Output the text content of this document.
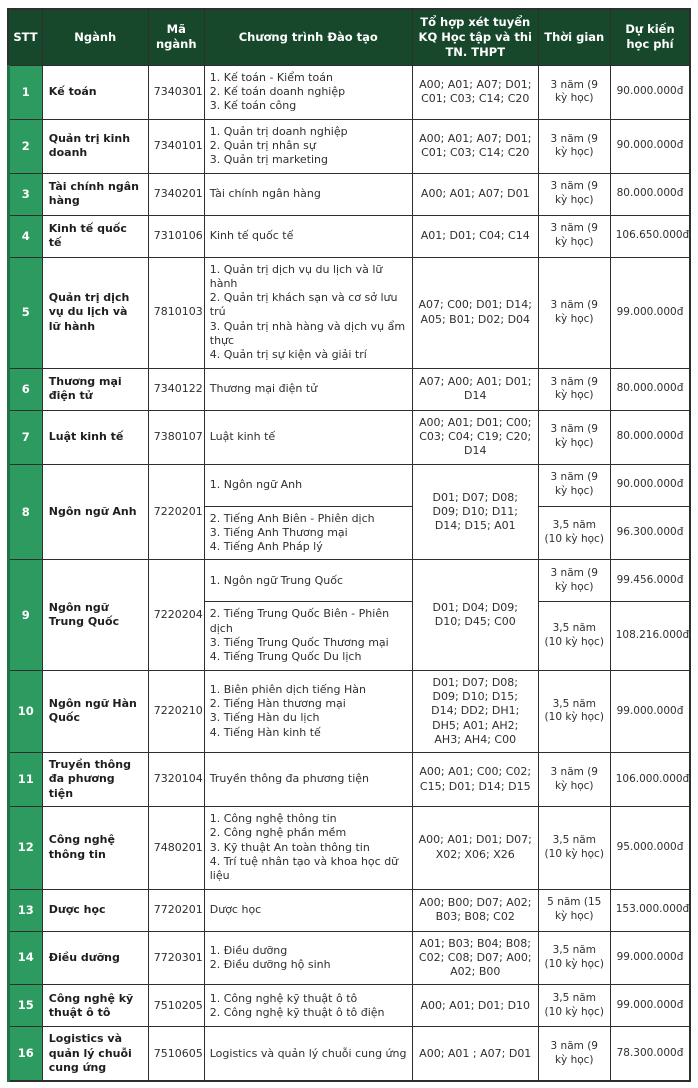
STT	Ngành	Mã ngành	Chương trình Đào tạo	Tổ hợp xét tuyển KQ Học tập và thi TN. THPT	Thời gian	Dự kiến học phí
1	Kế toán	7340301	1. Kế toán - Kiểm toán
2. Kế toán doanh nghiệp
3. Kế toán công	A00; A01; A07; D01; C01; C03; C14; C20	3 năm (9 kỳ học)	90.000.000đ
2	Quản trị kinh doanh	7340101	1. Quản trị doanh nghiệp
2. Quản trị nhân sự
3. Quản trị marketing	A00; A01; A07; D01; C01; C03; C14; C20	3 năm (9 kỳ học)	90.000.000đ
3	Tài chính ngân hàng	7340201	Tài chính ngân hàng	A00; A01; A07; D01	3 năm (9 kỳ học)	80.000.000đ
4	Kinh tế quốc tế	7310106	Kinh tế quốc tế	A01; D01; C04; C14	3 năm (9 kỳ học)	106.650.000đ
5	Quản trị dịch vụ du lịch và lữ hành	7810103	1. Quản trị dịch vụ du lịch và lữ hành
2. Quản trị khách sạn và cơ sở lưu trú
3. Quản trị nhà hàng và dịch vụ ẩm thực
4. Quản trị sự kiện và giải trí	A07; C00; D01; D14; A05; B01; D02; D04	3 năm (9 kỳ học)	99.000.000đ
6	Thương mại điện tử	7340122	Thương mại điện tử	A07; A00; A01; D01; D14	3 năm (9 kỳ học)	80.000.000đ
7	Luật kinh tế	7380107	Luật kinh tế	A00; A01; D01; C00; C03; C04; C19; C20; D14	3 năm (9 kỳ học)	80.000.000đ
8	Ngôn ngữ Anh	7220201	1. Ngôn ngữ Anh	D01; D07; D08; D09; D10; D11; D14; D15; A01	3 năm (9 kỳ học)	90.000.000đ

			2. Tiếng Anh Biên - Phiên dịch
3. Tiếng Anh Thương mại
4. Tiếng Anh Pháp lý		3,5 năm (10 kỳ học)	96.300.000đ
9	Ngôn ngữ Trung Quốc	7220204	1. Ngôn ngữ Trung Quốc	D01; D04; D09; D10; D45; C00	3 năm (9 kỳ học)	99.456.000đ

			2. Tiếng Trung Quốc Biên - Phiên dịch
3. Tiếng Trung Quốc Thương mại
4. Tiếng Trung Quốc Du lịch		3,5 năm (10 kỳ học)	108.216.000đ
10	Ngôn ngữ Hàn Quốc	7220210	1. Biên phiên dịch tiếng Hàn
2. Tiếng Hàn thương mại
3. Tiếng Hàn du lịch
4. Tiếng Hàn kinh tế	D01; D07; D08; D09; D10; D15; D14; DD2; DH1; DH5; A01; AH2; AH3; AH4; C00	3,5 năm (10 kỳ học)	99.000.000đ
11	Truyền thông đa phương tiện	7320104	Truyền thông đa phương tiện	A00; A01; C00; C02; C15; D01; D14; D15	3 năm (9 kỳ học)	106.000.000đ
12	Công nghệ thông tin	7480201	1. Công nghệ thông tin
2. Công nghệ phần mềm
3. Kỹ thuật An toàn thông tin
4. Trí tuệ nhân tạo và khoa học dữ liệu	A00; A01; D01; D07; X02; X06; X26	3,5 năm (10 kỳ học)	95.000.000đ
13	Dược học	7720201	Dược học	A00; B00; D07; A02; B03; B08; C02	5 năm (15 kỳ học)	153.000.000đ
14	Điều dưỡng	7720301	1. Điều dưỡng
2. Điều dưỡng hộ sinh	A01; B03; B04; B08; C02; C08; D07; A00; A02; B00	3,5 năm (10 kỳ học)	99.000.000đ
15	Công nghệ kỹ thuật ô tô	7510205	1. Công nghệ kỹ thuật ô tô
2. Công nghệ kỹ thuật ô tô điện	A00; A01; D01; D10	3,5 năm (10 kỳ học)	99.000.000đ
16	Logistics và quản lý chuỗi cung ứng	7510605	Logistics và quản lý chuỗi cung ứng	A00; A01 ; A07; D01	3 năm (9 kỳ học)	78.300.000đ
